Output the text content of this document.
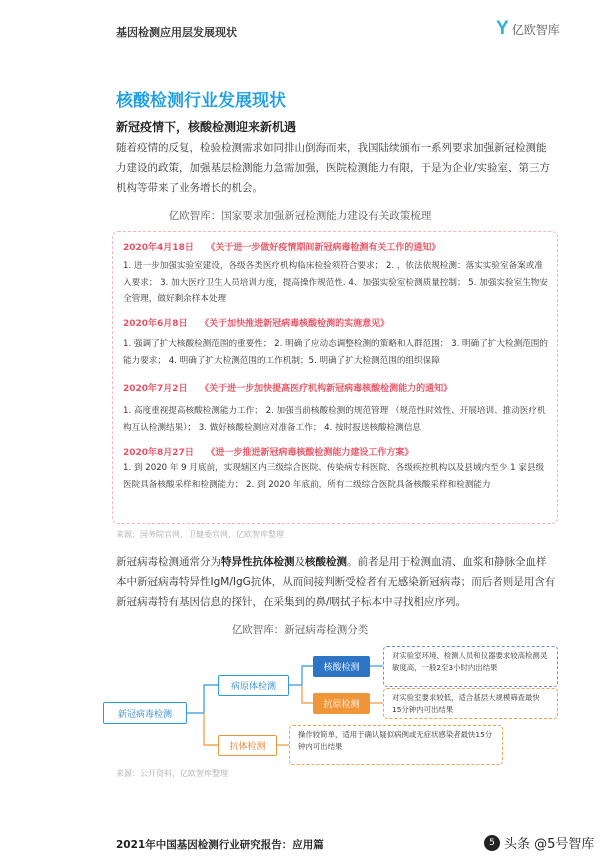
基因检测应用层发展现状	Y 亿欧智库
核酸检测行业发展现状
新冠疫情下，核酸检测迎来新机遇

随着疫情的反复，检验检测需求如同排山倒海而来，我国陆续颁布一系列要求加强新冠检测能力建设的政策，加强基层检测能力急需加强，医院检测能力有限，于是为企业/实验室、第三方机构等带来了业务增长的机会。

亿欧智库：国家要求加强新冠检测能力建设有关政策梳理
2020年4月18日 《关于进一步做好疫情期间新冠病毒检测有关工作的通知》

1. 进一步加强实验室建设，各级各类医疗机构临床检验须符合要求； 2. ，依法依规检测：落实实验室备案或准入要求； 3. 加大医疗卫生人员培训力度，提高操作规范性. 4、加强实验室检测质量控制； 5. 加强实验室生物安全管理，做好剩余样本处理

2020年6月8日 《关于加快推进新冠病毒核酸检测的实施意见》

1. 强调了扩大核酸检测范围的重要性； 2. 明确了应动态调整检测的策略和人群范围； 3. 明确了扩大检测范围的能力要求； 4. 明确了扩大检测范围的工作机制；5. 明确了扩大检测范围的组织保障

2020年7月2日 《关于进一步加快提高医疗机构新冠病毒核酸检测能力的通知》

1. 高度重视提高核酸检测能力工作； 2. 加强当前核酸检测的规范管理 （规范性时效性、开展培训、推动医疗机构互认检测结果）； 3. 做好核酸检测应对准备工作； 4. 按时报送核酸检测信息

2020年8月27日 《进一步推进新冠病毒核酸检测能力建设工作方案》

1. 到 2020 年 9 月底前，实现辖区内三级综合医院、传染病专科医院、各级疾控机构以及县域内至少 1 家县级医院具备核酸采样和检测能力； 2. 到 2020 年底前，所有二级综合医院具备核酸采样和检测能力

来源：国务院官网、卫健委官网，亿欧智库整理

新冠病毒检测通常分为特异性抗体检测及核酸检测。前者是用于检测血清、血浆和静脉全血样本中新冠病毒特异性IgM/IgG抗体，从而间接判断受检者有无感染新冠病毒；而后者则是用含有新冠病毒特有基因信息的探针，在采集到的鼻/咽拭子标本中寻找相应序列。

亿欧智库：新冠病毒检测分类
新冠病毒检测
病原体检测
抗体检测
核酸检测
抗原检测
对实验室环境、检测人员和仪器要求较高检测灵敏度高，一般2至3小时内出结果
对实验室要求较低，适合基层大规模筛查最快15分钟内可出结果
操作较简单，适用于确认疑似病例或无症状感染者最快15分钟内可出结果
来源：公开资料，亿欧智库整理
2021年中国基因检测行业研究报告：应用篇	5 头条 @5号智库
